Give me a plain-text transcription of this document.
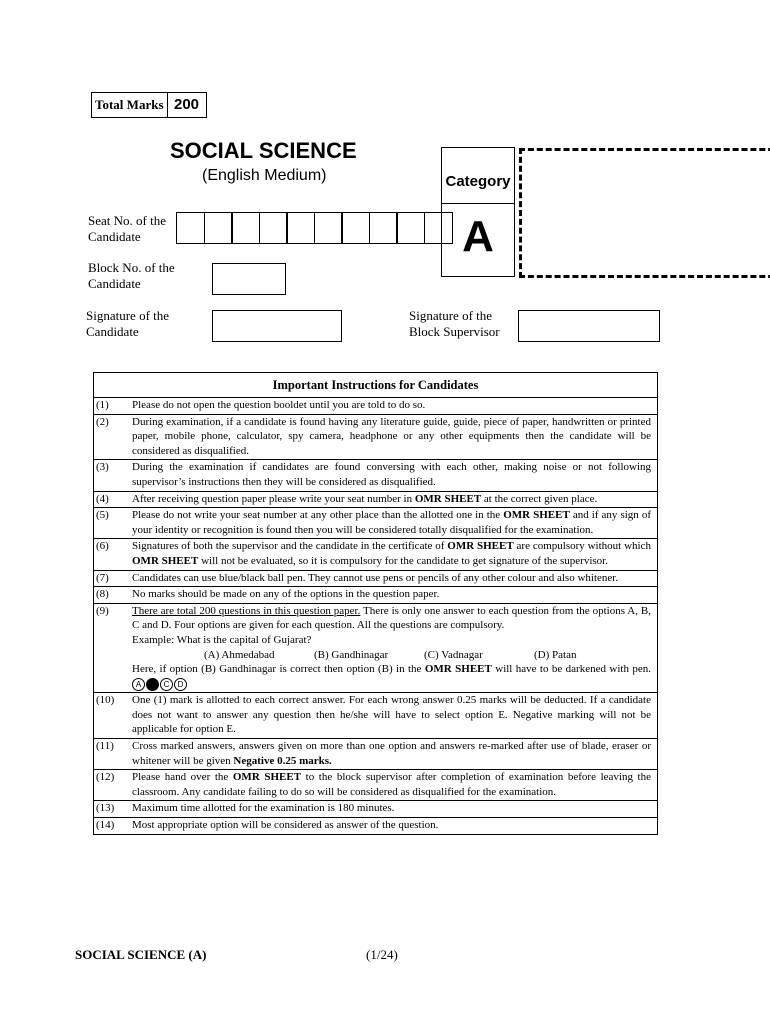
Total Marks 200
SOCIAL SCIENCE
(English Medium)	Category
A
Seat No. of the Candidate
Block No. of the Candidate
Signature of the Candidate
Signature of the Block Supervisor
Important Instructions for Candidates
(1)	Please do not open the question booldet until you are told to do so.
(2)	During examination, if a candidate is found having any literature guide, guide, piece of paper, handwritten or printed paper, mobile phone, calculator, spy camera, headphone or any other equipments then the candidate will be considered as disqualified.
(3)	During the examination if candidates are found conversing with each other, making noise or not following supervisor’s instructions then they will be considered as disqualified.
(4)	After receiving question paper please write your seat number in OMR SHEET at the correct given place.
(5)	Please do not write your seat number at any other place than the allotted one in the OMR SHEET and if any sign of your identity or recognition is found then you will be considered totally disqualified for the examination.
(6)	Signatures of both the supervisor and the candidate in the certificate of OMR SHEET are compulsory without which OMR SHEET will not be evaluated, so it is compulsory for the candidate to get signature of the supervisor.
(7)	Candidates can use blue/black ball pen. They cannot use pens or pencils of any other colour and also whitener.
(8)	No marks should be made on any of the options in the question paper.
(9)	There are total 200 questions in this question paper. There is only one answer to each question from the options A, B, C and D. Four options are given for each question. All the questions are compulsory.
Example: What is the capital of Gujarat?
(A) Ahmedabad	(B) Gandhinagar	(C) Vadnagar	(D) Patan
Here, if option (B) Gandhinagar is correct then option (B) in the OMR SHEET will have to be darkened with pen. A B C D
(10)	One (1) mark is allotted to each correct answer. For each wrong answer 0.25 marks will be deducted. If a candidate does not want to answer any question then he/she will have to select option E. Negative marking will not be applicable for option E.
(11)	Cross marked answers, answers given on more than one option and answers re-marked after use of blade, eraser or whitener will be given Negative 0.25 marks.
(12)	Please hand over the OMR SHEET to the block supervisor after completion of examination before leaving the classroom. Any candidate failing to do so will be considered as disqualified for the examination.
(13)	Maximum time allotted for the examination is 180 minutes.
(14)	Most appropriate option will be considered as answer of the question.
SOCIAL SCIENCE (A)	(1/24)
